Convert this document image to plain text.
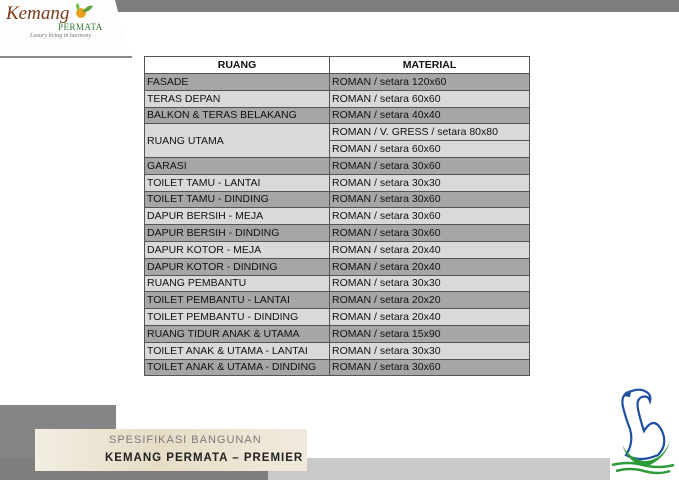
Kemang
PERMATA
Luxury living in harmony
RUANG	MATERIAL
FASADE	ROMAN / setara 120x60
TERAS DEPAN	ROMAN / setara 60x60
BALKON & TERAS BELAKANG	ROMAN / setara 40x40
RUANG UTAMA	ROMAN / V. GRESS / setara 80x80
	ROMAN / setara 60x60
GARASI	ROMAN / setara 30x60
TOILET TAMU - LANTAI	ROMAN / setara 30x30
TOILET TAMU - DINDING	ROMAN / setara 30x60
DAPUR BERSIH - MEJA	ROMAN / setara 30x60
DAPUR BERSIH - DINDING	ROMAN / setara 30x60
DAPUR KOTOR - MEJA	ROMAN / setara 20x40
DAPUR KOTOR - DINDING	ROMAN / setara 20x40
RUANG PEMBANTU	ROMAN / setara 30x30
TOILET PEMBANTU - LANTAI	ROMAN / setara 20x20
TOILET PEMBANTU - DINDING	ROMAN / setara 20x40
RUANG TIDUR ANAK & UTAMA	ROMAN / setara 15x90
TOILET ANAK & UTAMA - LANTAI	ROMAN / setara 30x30
TOILET ANAK & UTAMA - DINDING	ROMAN / setara 30x60
SPESIFIKASI BANGUNAN
KEMANG PERMATA – PREMIER
